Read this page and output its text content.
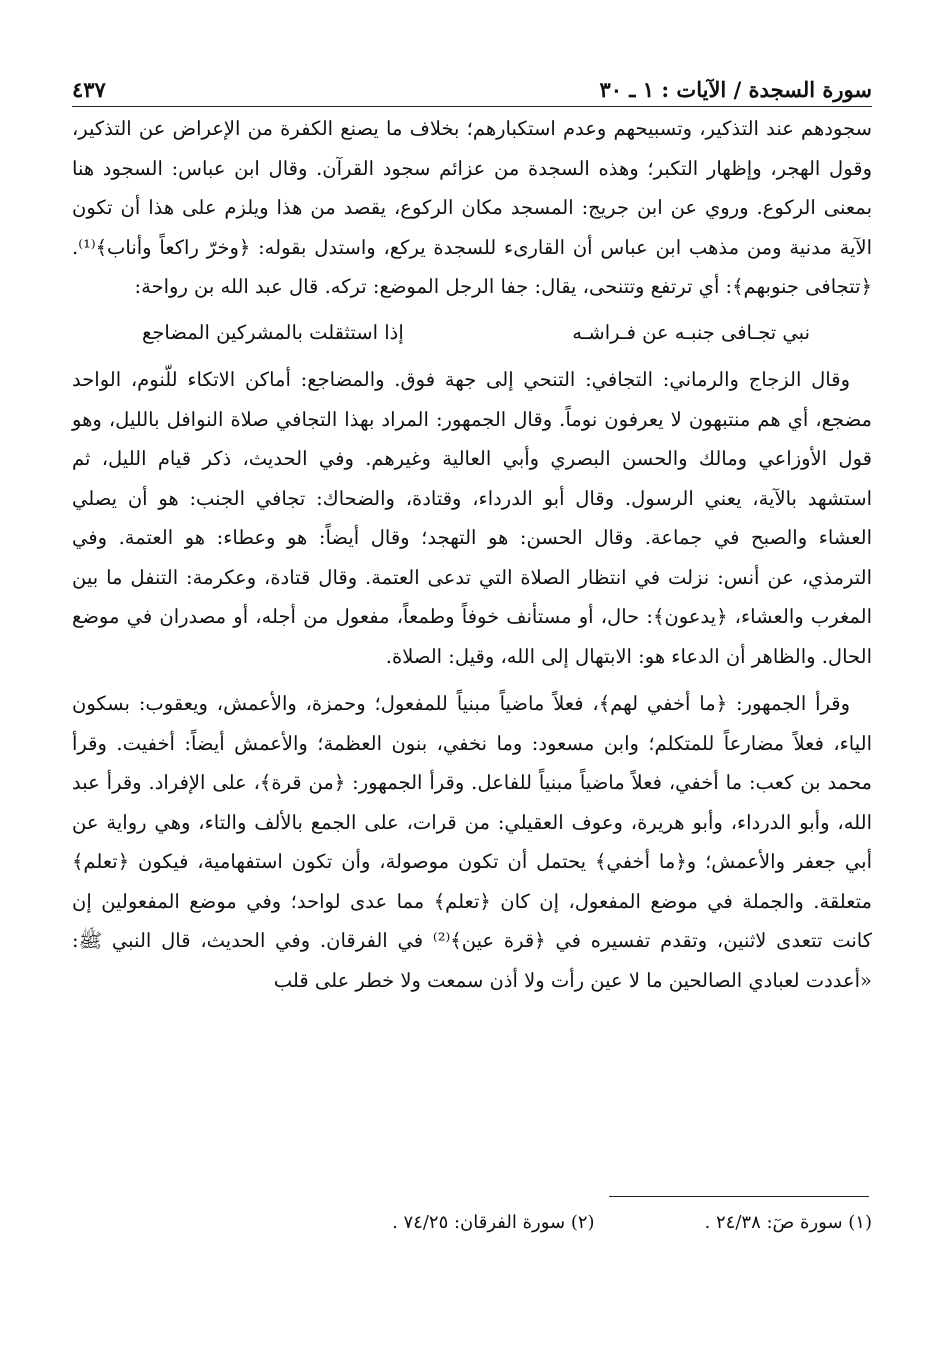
سورة السجدة / الآيات : ١ ـ ٣٠
٤٣٧

سجودهم عند التذكير، وتسبيحهم وعدم استكبارهم؛ بخلاف ما يصنع الكفرة من الإعراض عن التذكير، وقول الهجر، وإظهار التكبر؛ وهذه السجدة من عزائم سجود القرآن. وقال ابن عباس: السجود هنا بمعنى الركوع. وروي عن ابن جريج: المسجد مكان الركوع، يقصد من هذا ويلزم على هذا أن تكون الآية مدنية ومن مذهب ابن عباس أن القارىء للسجدة يركع، واستدل بقوله: ﴿وخرّ راكعاً وأناب﴾⁽¹⁾. ﴿تتجافى جنوبهم﴾: أي ترتفع وتتنحى، يقال: جفا الرجل الموضع: تركه. قال عبد الله بن رواحة:

نبي تجـافى جنبـه عن فـراشـه
إذا استثقلت بالمشركين المضاجع

وقال الزجاج والرماني: التجافي: التنحي إلى جهة فوق. والمضاجع: أماكن الاتكاء للّنوم، الواحد مضجع، أي هم منتبهون لا يعرفون نوماً. وقال الجمهور: المراد بهذا التجافي صلاة النوافل بالليل، وهو قول الأوزاعي ومالك والحسن البصري وأبي العالية وغيرهم. وفي الحديث، ذكر قيام الليل، ثم استشهد بالآية، يعني الرسول. وقال أبو الدرداء، وقتادة، والضحاك: تجافي الجنب: هو أن يصلي العشاء والصبح في جماعة. وقال الحسن: هو التهجد؛ وقال أيضاً: هو وعطاء: هو العتمة. وفي الترمذي، عن أنس: نزلت في انتظار الصلاة التي تدعى العتمة. وقال قتادة، وعكرمة: التنفل ما بين المغرب والعشاء، ﴿يدعون﴾: حال، أو مستأنف خوفاً وطمعاً، مفعول من أجله، أو مصدران في موضع الحال. والظاهر أن الدعاء هو: الابتهال إلى الله، وقيل: الصلاة.

وقرأ الجمهور: ﴿ما أخفي لهم﴾، فعلاً ماضياً مبنياً للمفعول؛ وحمزة، والأعمش، ويعقوب: بسكون الياء، فعلاً مضارعاً للمتكلم؛ وابن مسعود: وما نخفي، بنون العظمة؛ والأعمش أيضاً: أخفيت. وقرأ محمد بن كعب: ما أخفي، فعلاً ماضياً مبنياً للفاعل. وقرأ الجمهور: ﴿من قرة﴾، على الإفراد. وقرأ عبد الله، وأبو الدرداء، وأبو هريرة، وعوف العقيلي: من قرات، على الجمع بالألف والتاء، وهي رواية عن أبي جعفر والأعمش؛ و﴿ما أخفي﴾ يحتمل أن تكون موصولة، وأن تكون استفهامية، فيكون ﴿تعلم﴾ متعلقة. والجملة في موضع المفعول، إن كان ﴿تعلم﴾ مما عدى لواحد؛ وفي موضع المفعولين إن كانت تتعدى لاثنين، وتقدم تفسيره في ﴿قرة عين﴾⁽²⁾ في الفرقان. وفي الحديث، قال النبي ﷺ: «أعددت لعبادي الصالحين ما لا عين رأت ولا أذن سمعت ولا خطر على قلب

(١) سورة صٓ: ٢٤/٣٨ .
(٢) سورة الفرقان: ٧٤/٢٥ .
